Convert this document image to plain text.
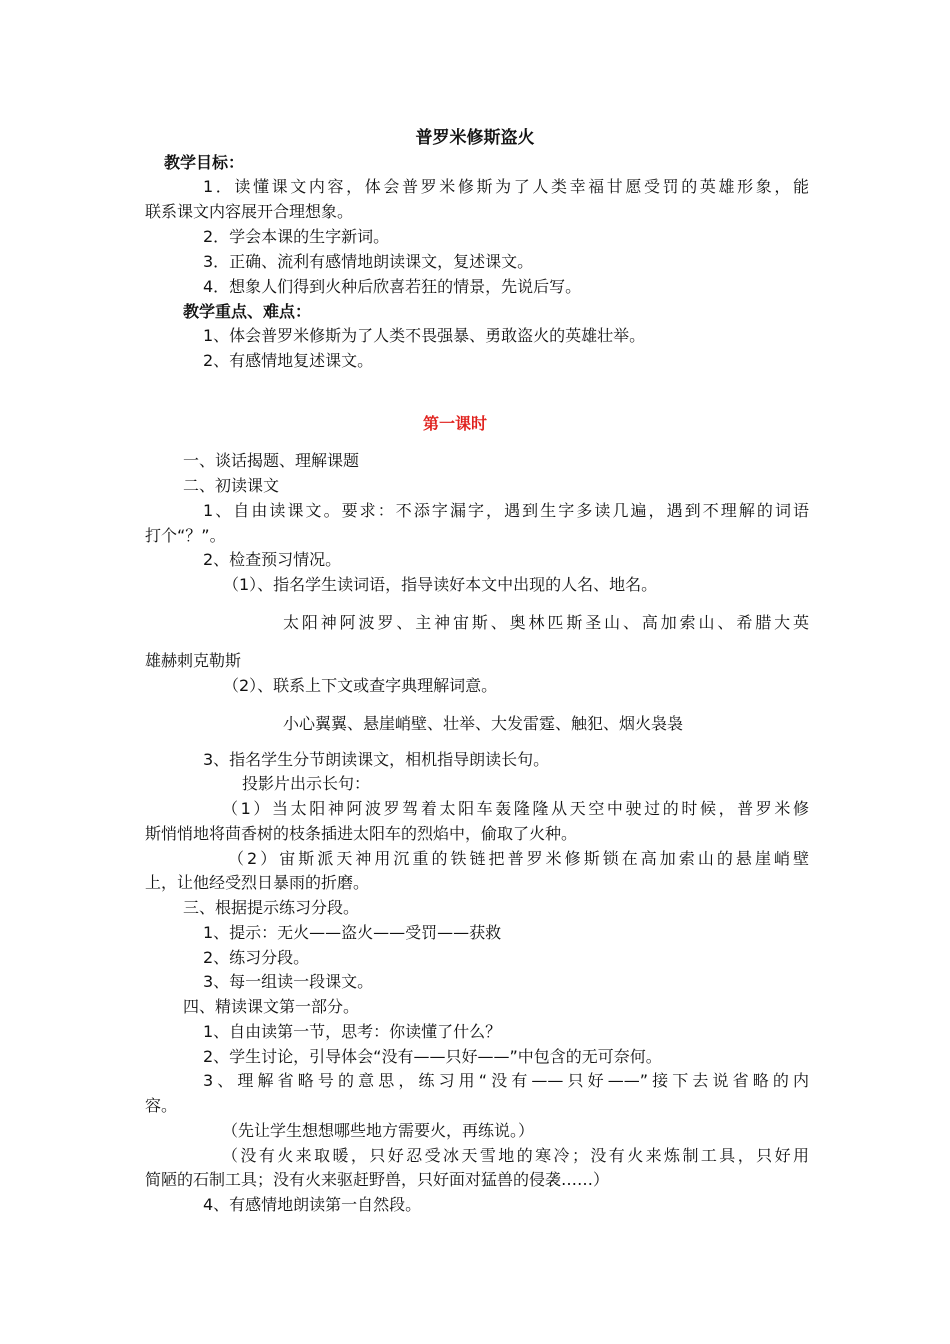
普罗米修斯盗火
教学目标：
1．读懂课文内容，体会普罗米修斯为了人类幸福甘愿受罚的英雄形象，能
联系课文内容展开合理想象。
2．学会本课的生字新词。
3．正确、流利有感情地朗读课文，复述课文。
4．想象人们得到火种后欣喜若狂的情景，先说后写。
教学重点、难点：
1、体会普罗米修斯为了人类不畏强暴、勇敢盗火的英雄壮举。
2、有感情地复述课文。
第一课时
一、谈话揭题、理解课题
二、初读课文
1、自由读课文。要求：不添字漏字，遇到生字多读几遍，遇到不理解的词语
打个“？”。
2、检查预习情况。
（1）、指名学生读词语，指导读好本文中出现的人名、地名。
太阳神阿波罗、主神宙斯、奥林匹斯圣山、高加索山、希腊大英
雄赫刺克勒斯
（2）、联系上下文或查字典理解词意。
小心翼翼、悬崖峭壁、壮举、大发雷霆、触犯、烟火袅袅
3、指名学生分节朗读课文，相机指导朗读长句。
投影片出示长句：
（1）当太阳神阿波罗驾着太阳车轰隆隆从天空中驶过的时候，普罗米修
斯悄悄地将茴香树的枝条插进太阳车的烈焰中，偷取了火种。
（2）宙斯派天神用沉重的铁链把普罗米修斯锁在高加索山的悬崖峭壁
上，让他经受烈日暴雨的折磨。
三、根据提示练习分段。
1、提示：无火——盗火——受罚——获救
2、练习分段。
3、每一组读一段课文。
四、精读课文第一部分。
1、自由读第一节，思考：你读懂了什么？
2、学生讨论，引导体会“没有——只好——”中包含的无可奈何。
3、理解省略号的意思，练习用“没有——只好——”接下去说省略的内
容。
（先让学生想想哪些地方需要火，再练说。）
（没有火来取暖，只好忍受冰天雪地的寒冷；没有火来炼制工具，只好用
简陋的石制工具；没有火来驱赶野兽，只好面对猛兽的侵袭……）
4、有感情地朗读第一自然段。
